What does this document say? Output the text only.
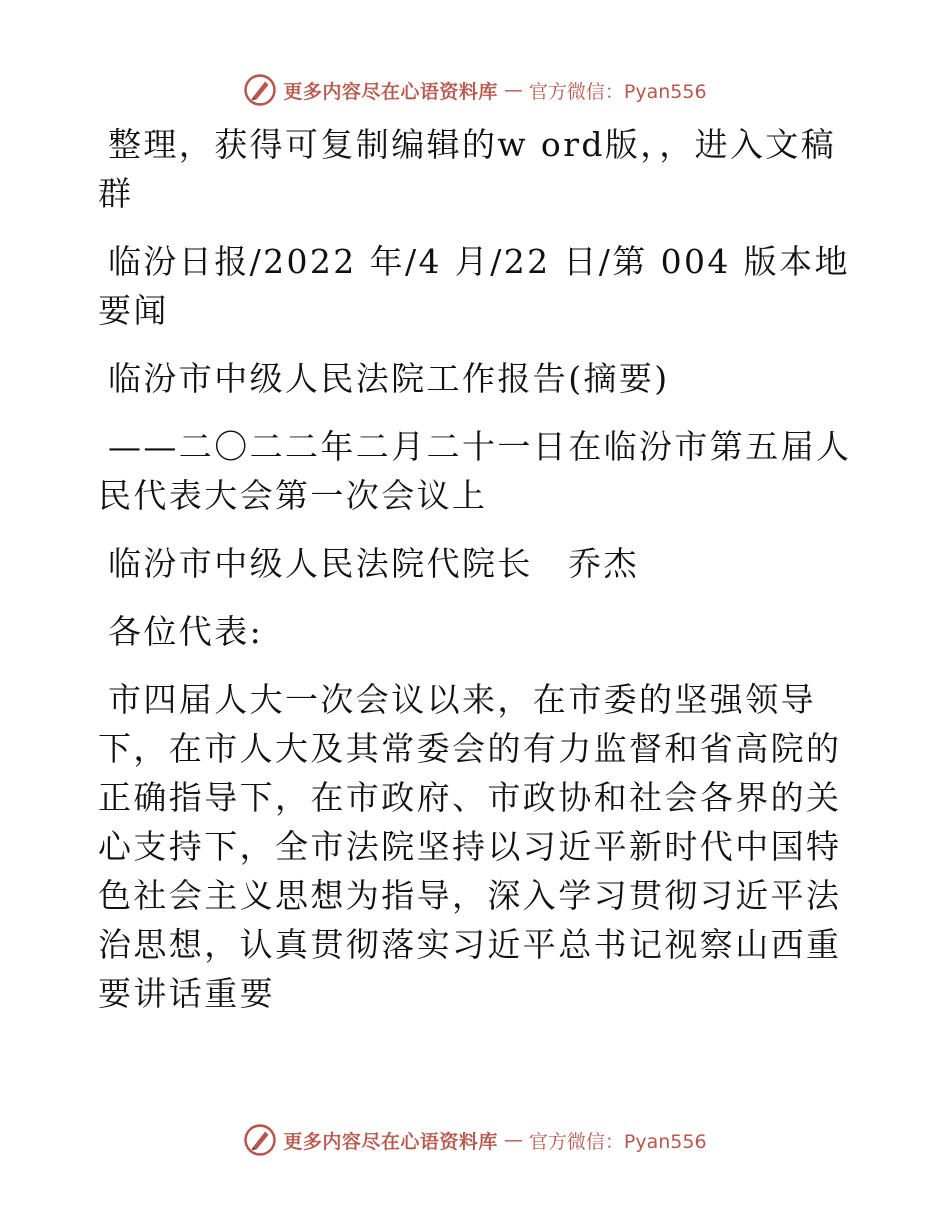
更多内容尽在心语资料库 — 官方微信：Pyan556

整理，获得可复制编辑的w ord版，，进入文稿群

临汾日报/2022 年/4 月/22 日/第 004 版本地要闻

临汾市中级人民法院工作报告(摘要)

——二〇二二年二月二十一日在临汾市第五届人民代表大会第一次会议上

临汾市中级人民法院代院长　乔杰

各位代表:

市四届人大一次会议以来，在市委的坚强领导下，在市人大及其常委会的有力监督和省高院的正确指导下，在市政府、市政协和社会各界的关心支持下，全市法院坚持以习近平新时代中国特色社会主义思想为指导，深入学习贯彻习近平法治思想，认真贯彻落实习近平总书记视察山西重要讲话重要

更多内容尽在心语资料库 — 官方微信：Pyan556
